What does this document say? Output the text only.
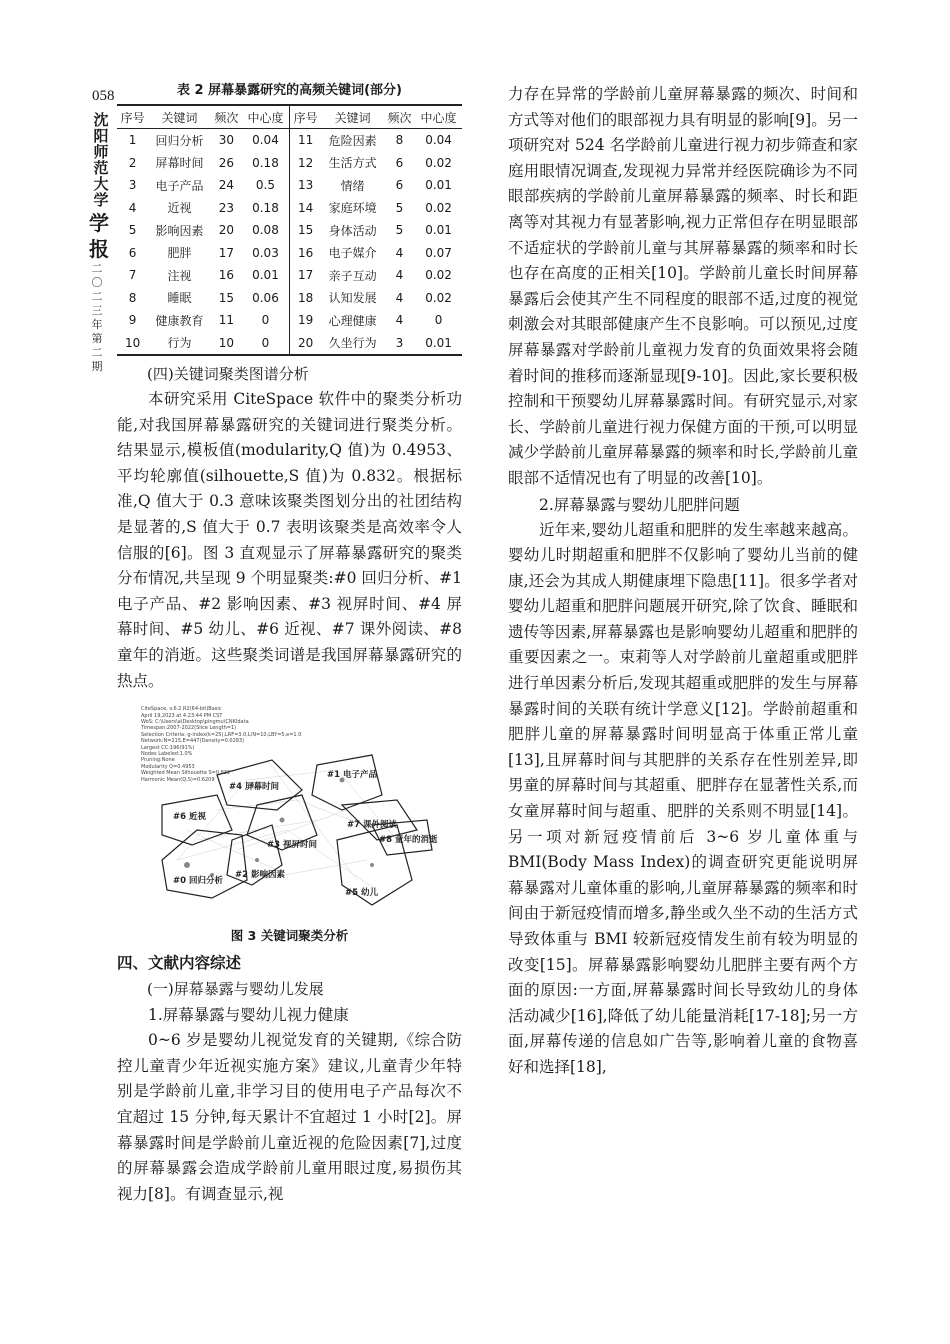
058
沈
阳
师
范
大
学
学
报
二
〇
二
三
年
第
二
期
表 2 屏幕暴露研究的高频关键词(部分)
序号	关键词	频次	中心度	序号	关键词	频次	中心度
1	回归分析	30	0.04	11	危险因素	8	0.04
2	屏幕时间	26	0.18	12	生活方式	6	0.02
3	电子产品	24	0.5	13	情绪	6	0.01
4	近视	23	0.18	14	家庭环境	5	0.02
5	影响因素	20	0.08	15	身体活动	5	0.01
6	肥胖	17	0.03	16	电子媒介	4	0.07
7	注视	16	0.01	17	亲子互动	4	0.02
8	睡眠	15	0.06	18	认知发展	4	0.02
9	健康教育	11	0	19	心理健康	4	0
10	行为	10	0	20	久坐行为	3	0.01

(四)关键词聚类图谱分析

本研究采用 CiteSpace 软件中的聚类分析功能,对我国屏幕暴露研究的关键词进行聚类分析。结果显示,模板值(modularity,Q 值)为 0.4953、平均轮廓值(silhouette,S 值)为 0.832。根据标准,Q 值大于 0.3 意味该聚类图划分出的社团结构是显著的,S 值大于 0.7 表明该聚类是高效率令人信服的[6]。图 3 直观显示了屏幕暴露研究的聚类分布情况,共呈现 9 个明显聚类:#0 回归分析、#1 电子产品、#2 影响因素、#3 视屏时间、#4 屏幕时间、#5 幼儿、#6 近视、#7 课外阅读、#8 童年的消逝。这些聚类词谱是我国屏幕暴露研究的热点。

CiteSpace, v.6.2.R2(64-bit)Basic
April 19,2023 at 4:23:44 PM CST
WoS: C:\Users\a\Desktop\pingmu\CNKIdata
Timespan:2007-2022(Slice Length=1)
Selection Criteria: g-index(k=25),LRF=3.0,L/N=10,LBY=5,e=1.0
Network:N=215,E=447(Density=0.0283)
Largest CC:196(91%)
Nodes Labeled:1.0%
Pruning:None
Modularity Q=0.4953
Weighted Mean Silhouette S=0.832
Harmonic Mean(Q,S)=0.6209
#0 回归分析
#1 电子产品
#2 影响因素
#3 视屏时间
#4 屏幕时间
#5 幼儿
#6 近视
#7 课外阅读
#8 童年的消逝
图 3 关键词聚类分析

四、文献内容综述

(一)屏幕暴露与婴幼儿发展

1.屏幕暴露与婴幼儿视力健康

0~6 岁是婴幼儿视觉发育的关键期,《综合防控儿童青少年近视实施方案》建议,儿童青少年特别是学龄前儿童,非学习目的使用电子产品每次不宜超过 15 分钟,每天累计不宜超过 1 小时[2]。屏幕暴露时间是学龄前儿童近视的危险因素[7],过度的屏幕暴露会造成学龄前儿童用眼过度,易损伤其视力[8]。有调查显示,视

力存在异常的学龄前儿童屏幕暴露的频次、时间和方式等对他们的眼部视力具有明显的影响[9]。另一项研究对 524 名学龄前儿童进行视力初步筛查和家庭用眼情况调查,发现视力异常并经医院确诊为不同眼部疾病的学龄前儿童屏幕暴露的频率、时长和距离等对其视力有显著影响,视力正常但存在明显眼部不适症状的学龄前儿童与其屏幕暴露的频率和时长也存在高度的正相关[10]。学龄前儿童长时间屏幕暴露后会使其产生不同程度的眼部不适,过度的视觉刺激会对其眼部健康产生不良影响。可以预见,过度屏幕暴露对学龄前儿童视力发育的负面效果将会随着时间的推移而逐渐显现[9-10]。因此,家长要积极控制和干预婴幼儿屏幕暴露时间。有研究显示,对家长、学龄前儿童进行视力保健方面的干预,可以明显减少学龄前儿童屏幕暴露的频率和时长,学龄前儿童眼部不适情况也有了明显的改善[10]。

2.屏幕暴露与婴幼儿肥胖问题

近年来,婴幼儿超重和肥胖的发生率越来越高。婴幼儿时期超重和肥胖不仅影响了婴幼儿当前的健康,还会为其成人期健康埋下隐患[11]。很多学者对婴幼儿超重和肥胖问题展开研究,除了饮食、睡眠和遗传等因素,屏幕暴露也是影响婴幼儿超重和肥胖的重要因素之一。束莉等人对学龄前儿童超重或肥胖进行单因素分析后,发现其超重或肥胖的发生与屏幕暴露时间的关联有统计学意义[12]。学龄前超重和肥胖儿童的屏幕暴露时间明显高于体重正常儿童[13],且屏幕时间与其肥胖的关系存在性别差异,即男童的屏幕时间与其超重、肥胖存在显著性关系,而女童屏幕时间与超重、肥胖的关系则不明显[14]。另一项对新冠疫情前后 3~6 岁儿童体重与 BMI(Body Mass Index)的调查研究更能说明屏幕暴露对儿童体重的影响,儿童屏幕暴露的频率和时间由于新冠疫情而增多,静坐或久坐不动的生活方式导致体重与 BMI 较新冠疫情发生前有较为明显的改变[15]。屏幕暴露影响婴幼儿肥胖主要有两个方面的原因:一方面,屏幕暴露时间长导致幼儿的身体活动减少[16],降低了幼儿能量消耗[17-18];另一方面,屏幕传递的信息如广告等,影响着儿童的食物喜好和选择[18],
